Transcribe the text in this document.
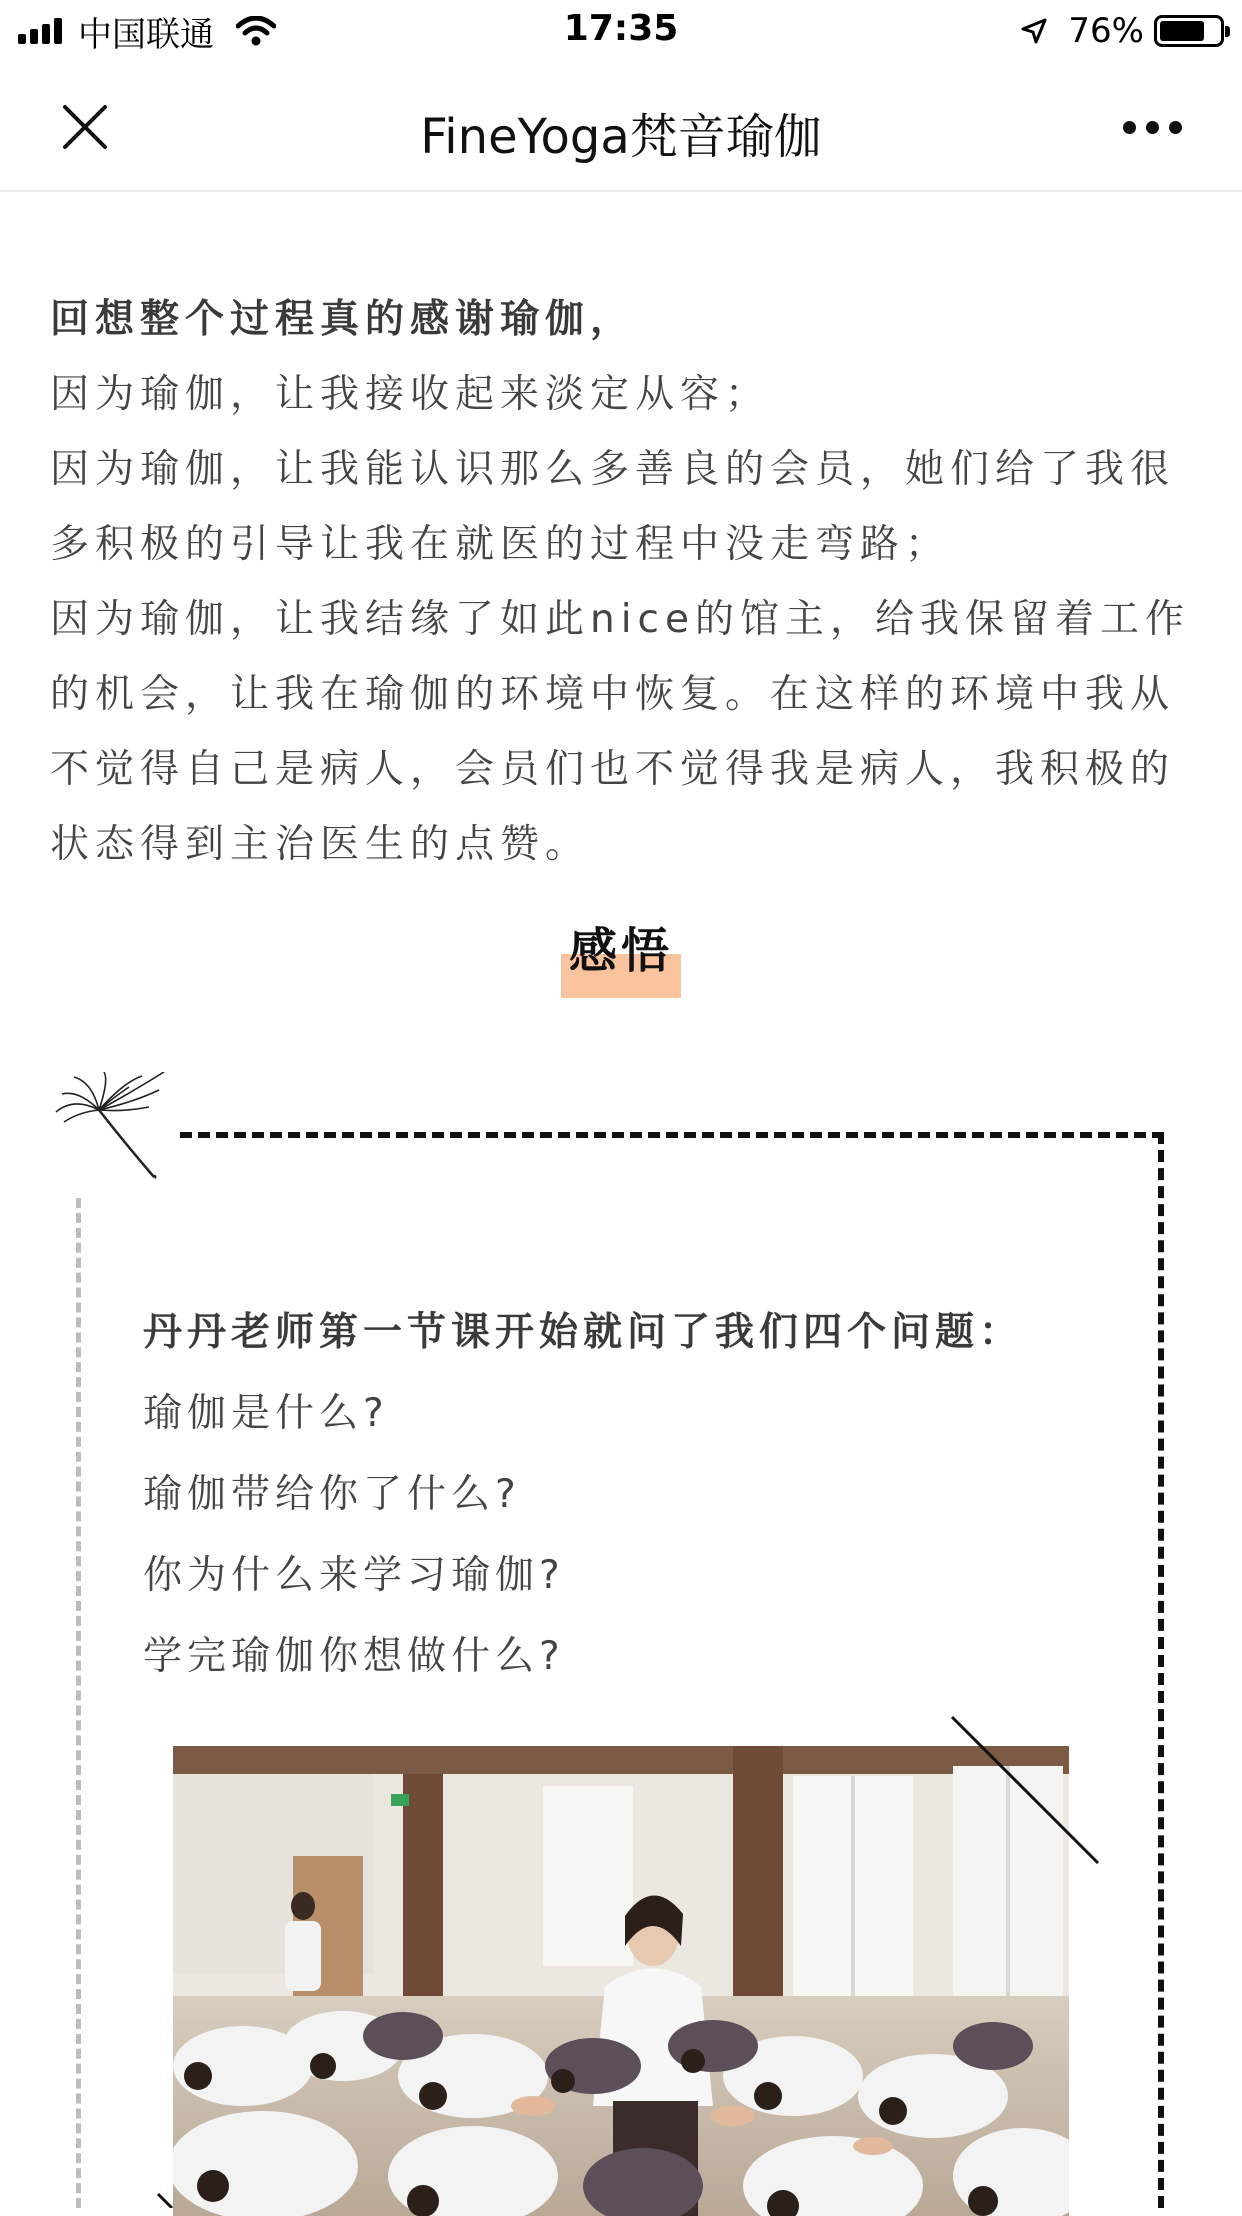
中国联通	17:35	76%
FineYoga梵音瑜伽

回想整个过程真的感谢瑜伽，

因为瑜伽，让我接收起来淡定从容；

因为瑜伽，让我能认识那么多善良的会员，她们给了我很多积极的引导让我在就医的过程中没走弯路；

因为瑜伽，让我结缘了如此nice的馆主，给我保留着工作的机会，让我在瑜伽的环境中恢复。在这样的环境中我从不觉得自己是病人，会员们也不觉得我是病人，我积极的状态得到主治医生的点赞。

感悟

丹丹老师第一节课开始就问了我们四个问题：

瑜伽是什么?

瑜伽带给你了什么?

你为什么来学习瑜伽?

学完瑜伽你想做什么?
